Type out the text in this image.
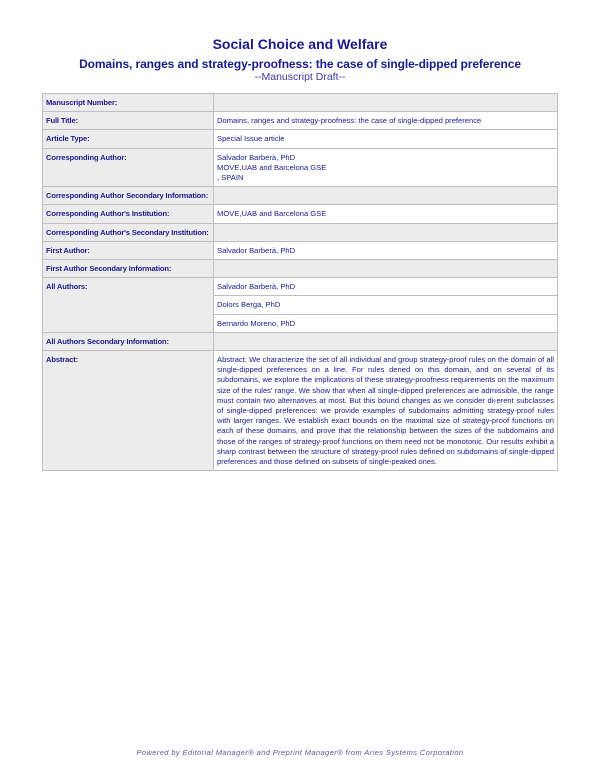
Social Choice and Welfare
Domains, ranges and strategy-proofness: the case of single-dipped preference
--Manuscript Draft--
Manuscript Number:	
Full Title:	Domains, ranges and strategy-proofness: the case of single-dipped preference
Article Type:	Special Issue article
Corresponding Author:	Salvador Barberà, PhD
MOVE,UAB and Barcelona GSE
, SPAIN

Corresponding Author Secondary Information:	
Corresponding Author's Institution:	MOVE,UAB and Barcelona GSE
Corresponding Author's Secondary Institution:	
First Author:	Salvador Barberà, PhD
First Author Secondary Information:	
All Authors:	Salvador Barberà, PhD
	Dolors Berga, PhD
	Bernardo Moreno, PhD
All Authors Secondary Information:	
Abstract:	Abstract: We characterize the set of all individual and group strategy-proof rules on the domain of all single-dipped preferences on a line. For rules dened on this domain, and on several of its subdomains, we explore the implications of these strategy-proofness requirements on the maximum size of the rules' range. We show that when all single-dipped preferences are admissible, the range must contain two alternatives at most. But this bound changes as we consider diⲋerent subclasses of single-dipped preferences: we provide examples of subdomains admitting strategy-proof rules with larger ranges. We establish exact bounds on the maximal size of strategy-proof functions on each of these domains, and prove that the relationship between the sizes of the subdomains and those of the ranges of strategy-proof functions on them need not be monotonic. Our results exhibit a sharp contrast between the structure of strategy-proof rules defined on subdomains of single-dipped preferences and those defined on subsets of single-peaked ones.
Powered by Editorial Manager® and Preprint Manager® from Aries Systems Corporation
